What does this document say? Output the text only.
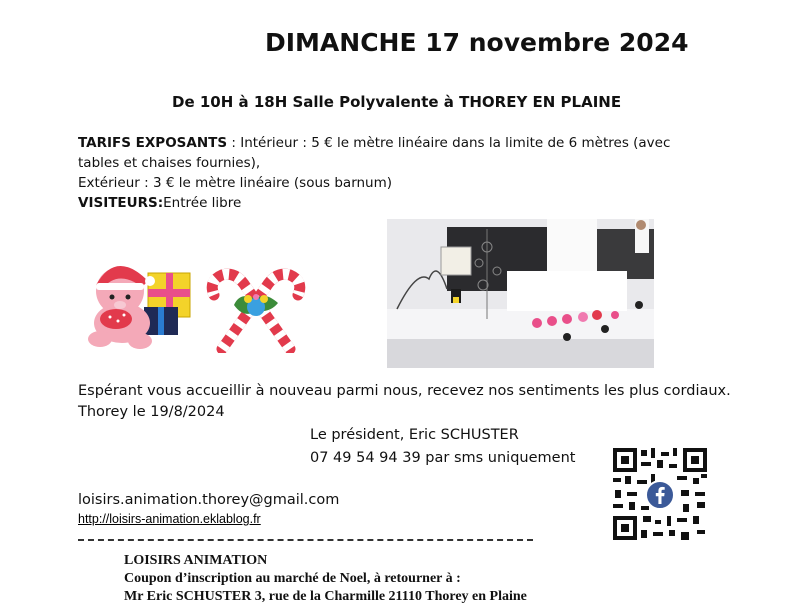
DIMANCHE 17 novembre 2024
De 10H à 18H Salle Polyvalente à THOREY EN PLAINE
TARIFS EXPOSANTS : Intérieur : 5 € le mètre linéaire dans la limite de 6 mètres (avec
tables et chaises fournies),
Extérieur : 3 € le mètre linéaire (sous barnum)
VISITEURS:Entrée libre
Espérant vous accueillir à nouveau parmi nous, recevez nos sentiments les plus cordiaux.
Thorey le 19/8/2024
Le président, Eric SCHUSTER
07 49 54 94 39 par sms uniquement
loisirs.animation.thorey@gmail.com
http://loisirs-animation.eklablog.fr
LOISIRS ANIMATION
Coupon d’inscription au marché de Noel, à retourner à :
Mr Eric SCHUSTER 3, rue de la Charmille 21110 Thorey en Plaine
